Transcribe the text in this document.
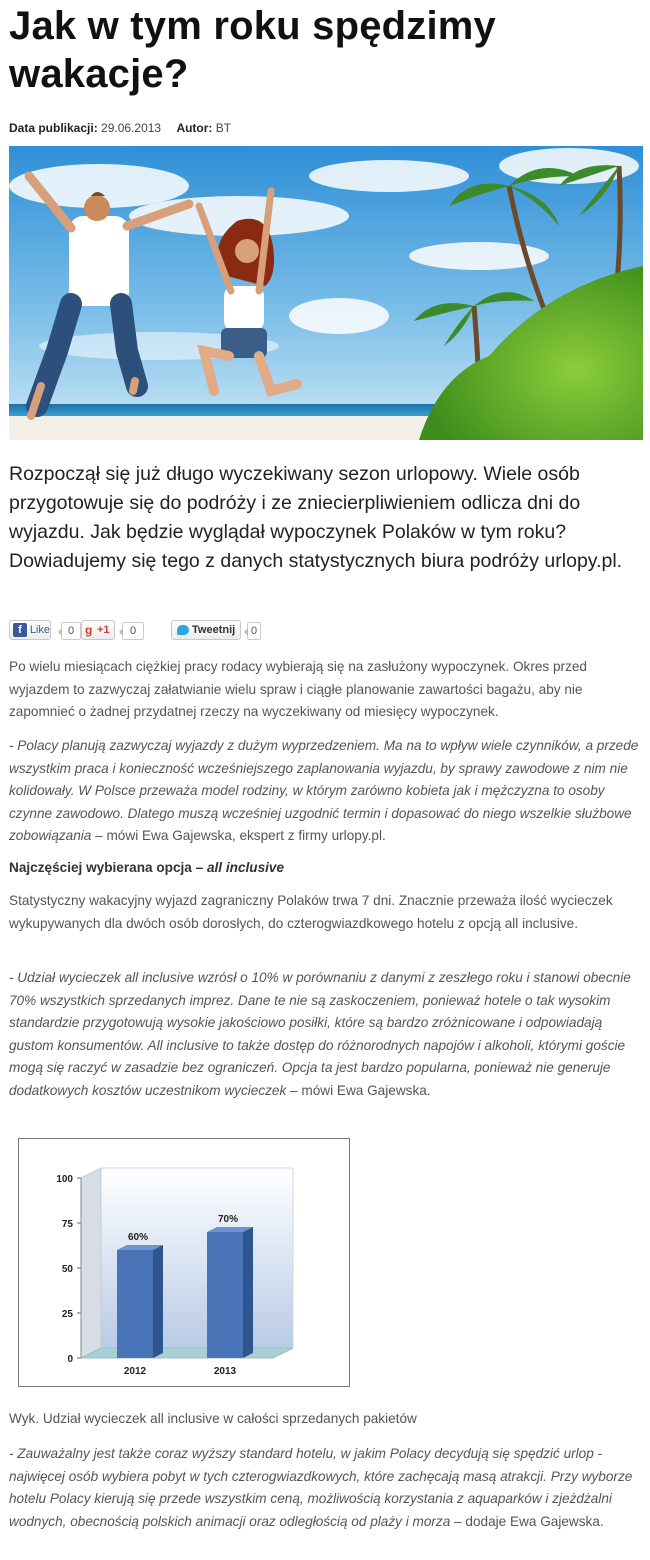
Jak w tym roku spędzimy wakacje?
Data publikacji: 29.06.2013 Autor: BT
Rozpoczął się już długo wyczekiwany sezon urlopowy. Wiele osób przygotowuje się do podróży i ze zniecierpliwieniem odlicza dni do wyjazdu. Jak będzie wyglądał wypoczynek Polaków w tym roku? Dowiadujemy się tego z danych statystycznych biura podróży urlopy.pl.
f Like	0 g +1	0	Tweetnij	0

Po wielu miesiącach ciężkiej pracy rodacy wybierają się na zasłużony wypoczynek. Okres przed wyjazdem to zazwyczaj załatwianie wielu spraw i ciągłe planowanie zawartości bagażu, aby nie zapomnieć o żadnej przydatnej rzeczy na wyczekiwany od miesięcy wypoczynek.

- Polacy planują zazwyczaj wyjazdy z dużym wyprzedzeniem. Ma na to wpływ wiele czynników, a przede wszystkim praca i konieczność wcześniejszego zaplanowania wyjazdu, by sprawy zawodowe z nim nie kolidowały. W Polsce przeważa model rodziny, w którym zarówno kobieta jak i mężczyzna to osoby czynne zawodowo. Dlatego muszą wcześniej uzgodnić termin i dopasować do niego wszelkie służbowe zobowiązania – mówi Ewa Gajewska, ekspert z firmy urlopy.pl.

Najczęściej wybierana opcja – all inclusive

Statystyczny wakacyjny wyjazd zagraniczny Polaków trwa 7 dni. Znacznie przeważa ilość wycieczek wykupywanych dla dwóch osób dorosłych, do czterogwiazdkowego hotelu z opcją all inclusive.

- Udział wycieczek all inclusive wzrósł o 10% w porównaniu z danymi z zeszłego roku i stanowi obecnie 70% wszystkich sprzedanych imprez. Dane te nie są zaskoczeniem, ponieważ hotele o tak wysokim standardzie przygotowują wysokie jakościowo posiłki, które są bardzo zróżnicowane i odpowiadają gustom konsumentów. All inclusive to także dostęp do różnorodnych napojów i alkoholi, którymi goście mogą się raczyć w zasadzie bez ograniczeń. Opcja ta jest bardzo popularna, ponieważ nie generuje dodatkowych kosztów uczestnikom wycieczek – mówi Ewa Gajewska.

0
25
50
75
100
60%
2012
70%
2013
Wyk. Udział wycieczek all inclusive w całości sprzedanych pakietów

- Zauważalny jest także coraz wyższy standard hotelu, w jakim Polacy decydują się spędzić urlop - najwięcej osób wybiera pobyt w tych czterogwiazdkowych, które zachęcają masą atrakcji. Przy wyborze hotelu Polacy kierują się przede wszystkim ceną, możliwością korzystania z aquaparków i zjeżdżalni wodnych, obecnością polskich animacji oraz odległością od plaży i morza – dodaje Ewa Gajewska.
